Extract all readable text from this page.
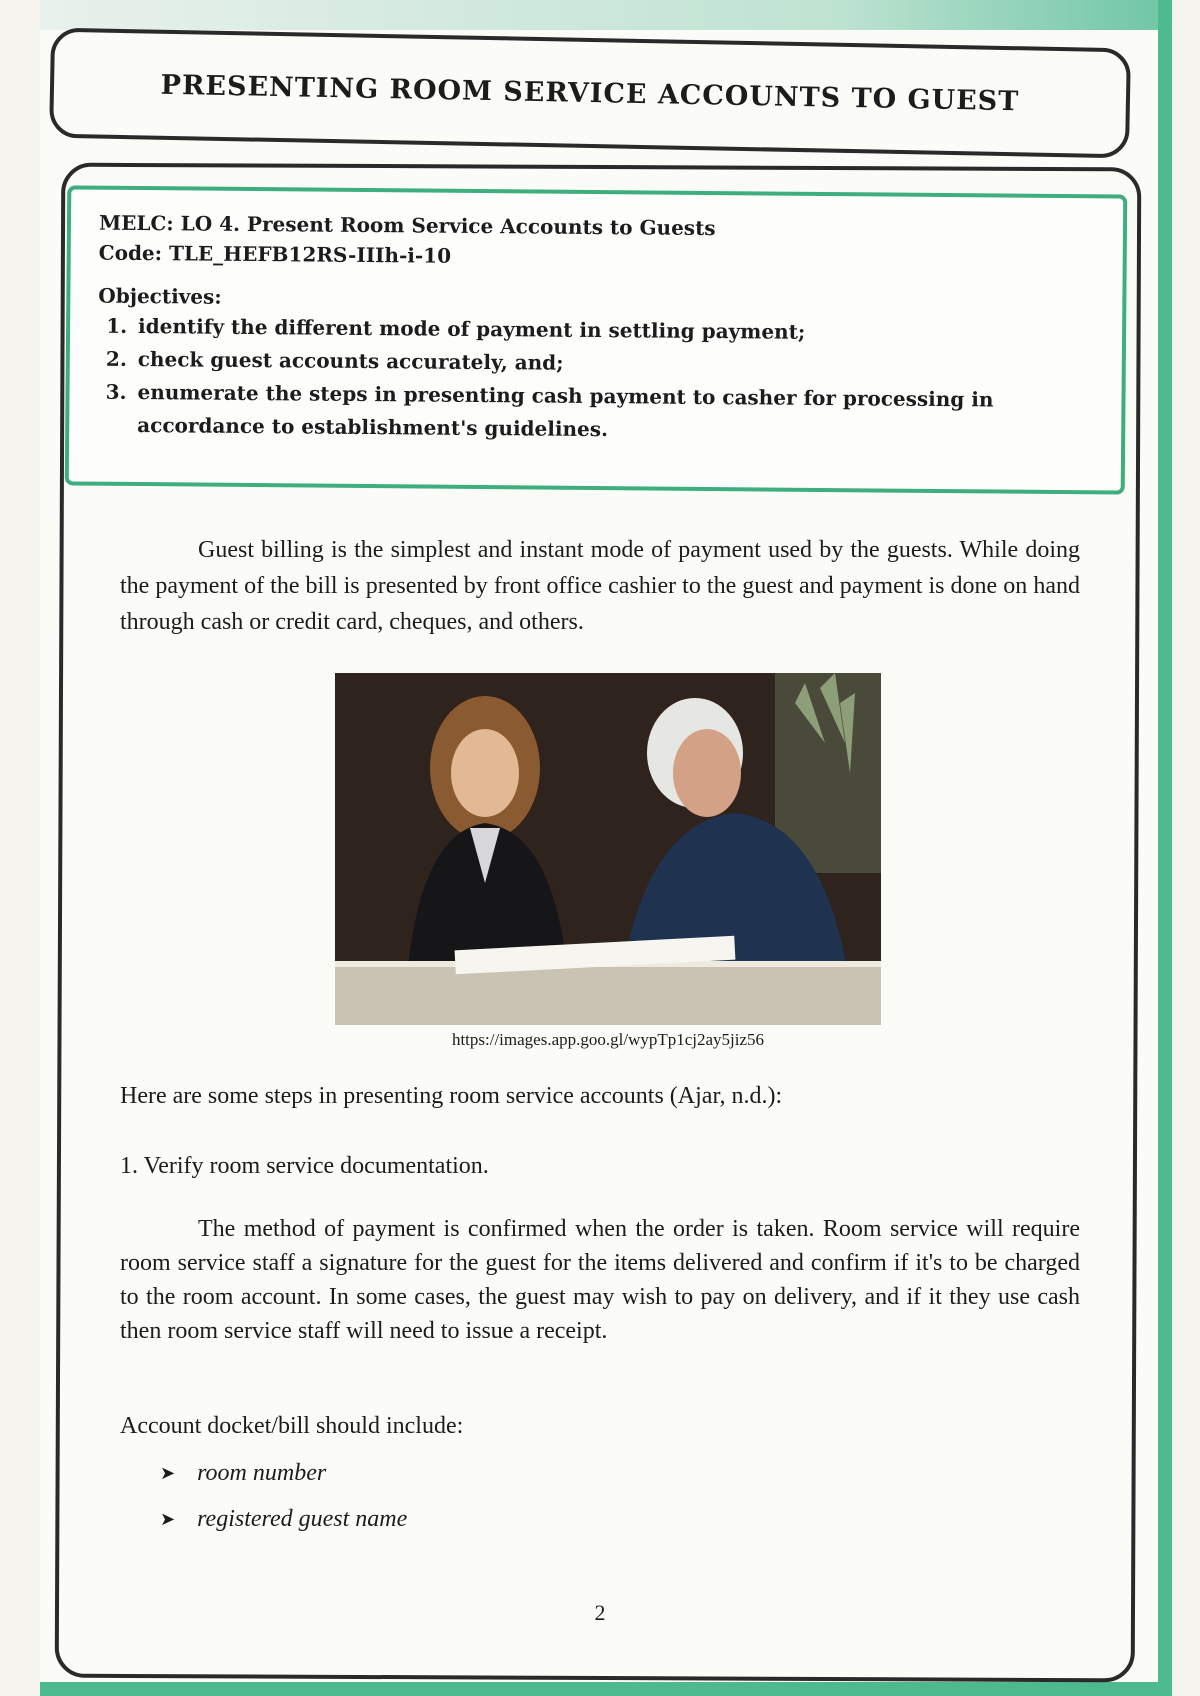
PRESENTING ROOM SERVICE ACCOUNTS TO GUEST
MELC: LO 4. Present Room Service Accounts to Guests
Code: TLE_HEFB12RS-IIIh-i-10
Objectives:
1. identify the different mode of payment in settling payment;
2. check guest accounts accurately, and;
3. enumerate the steps in presenting cash payment to casher for processing in accordance to establishment's guidelines.

Guest billing is the simplest and instant mode of payment used by the guests. While doing the payment of the bill is presented by front office cashier to the guest and payment is done on hand through cash or credit card, cheques, and others.

https://images.app.goo.gl/wypTp1cj2ay5jiz56

Here are some steps in presenting room service accounts (Ajar, n.d.):

1. Verify room service documentation.

The method of payment is confirmed when the order is taken. Room service will require room service staff a signature for the guest for the items delivered and confirm if it's to be charged to the room account. In some cases, the guest may wish to pay on delivery, and if it they use cash then room service staff will need to issue a receipt.

Account docket/bill should include:

➤ room number
➤ registered guest name
2
